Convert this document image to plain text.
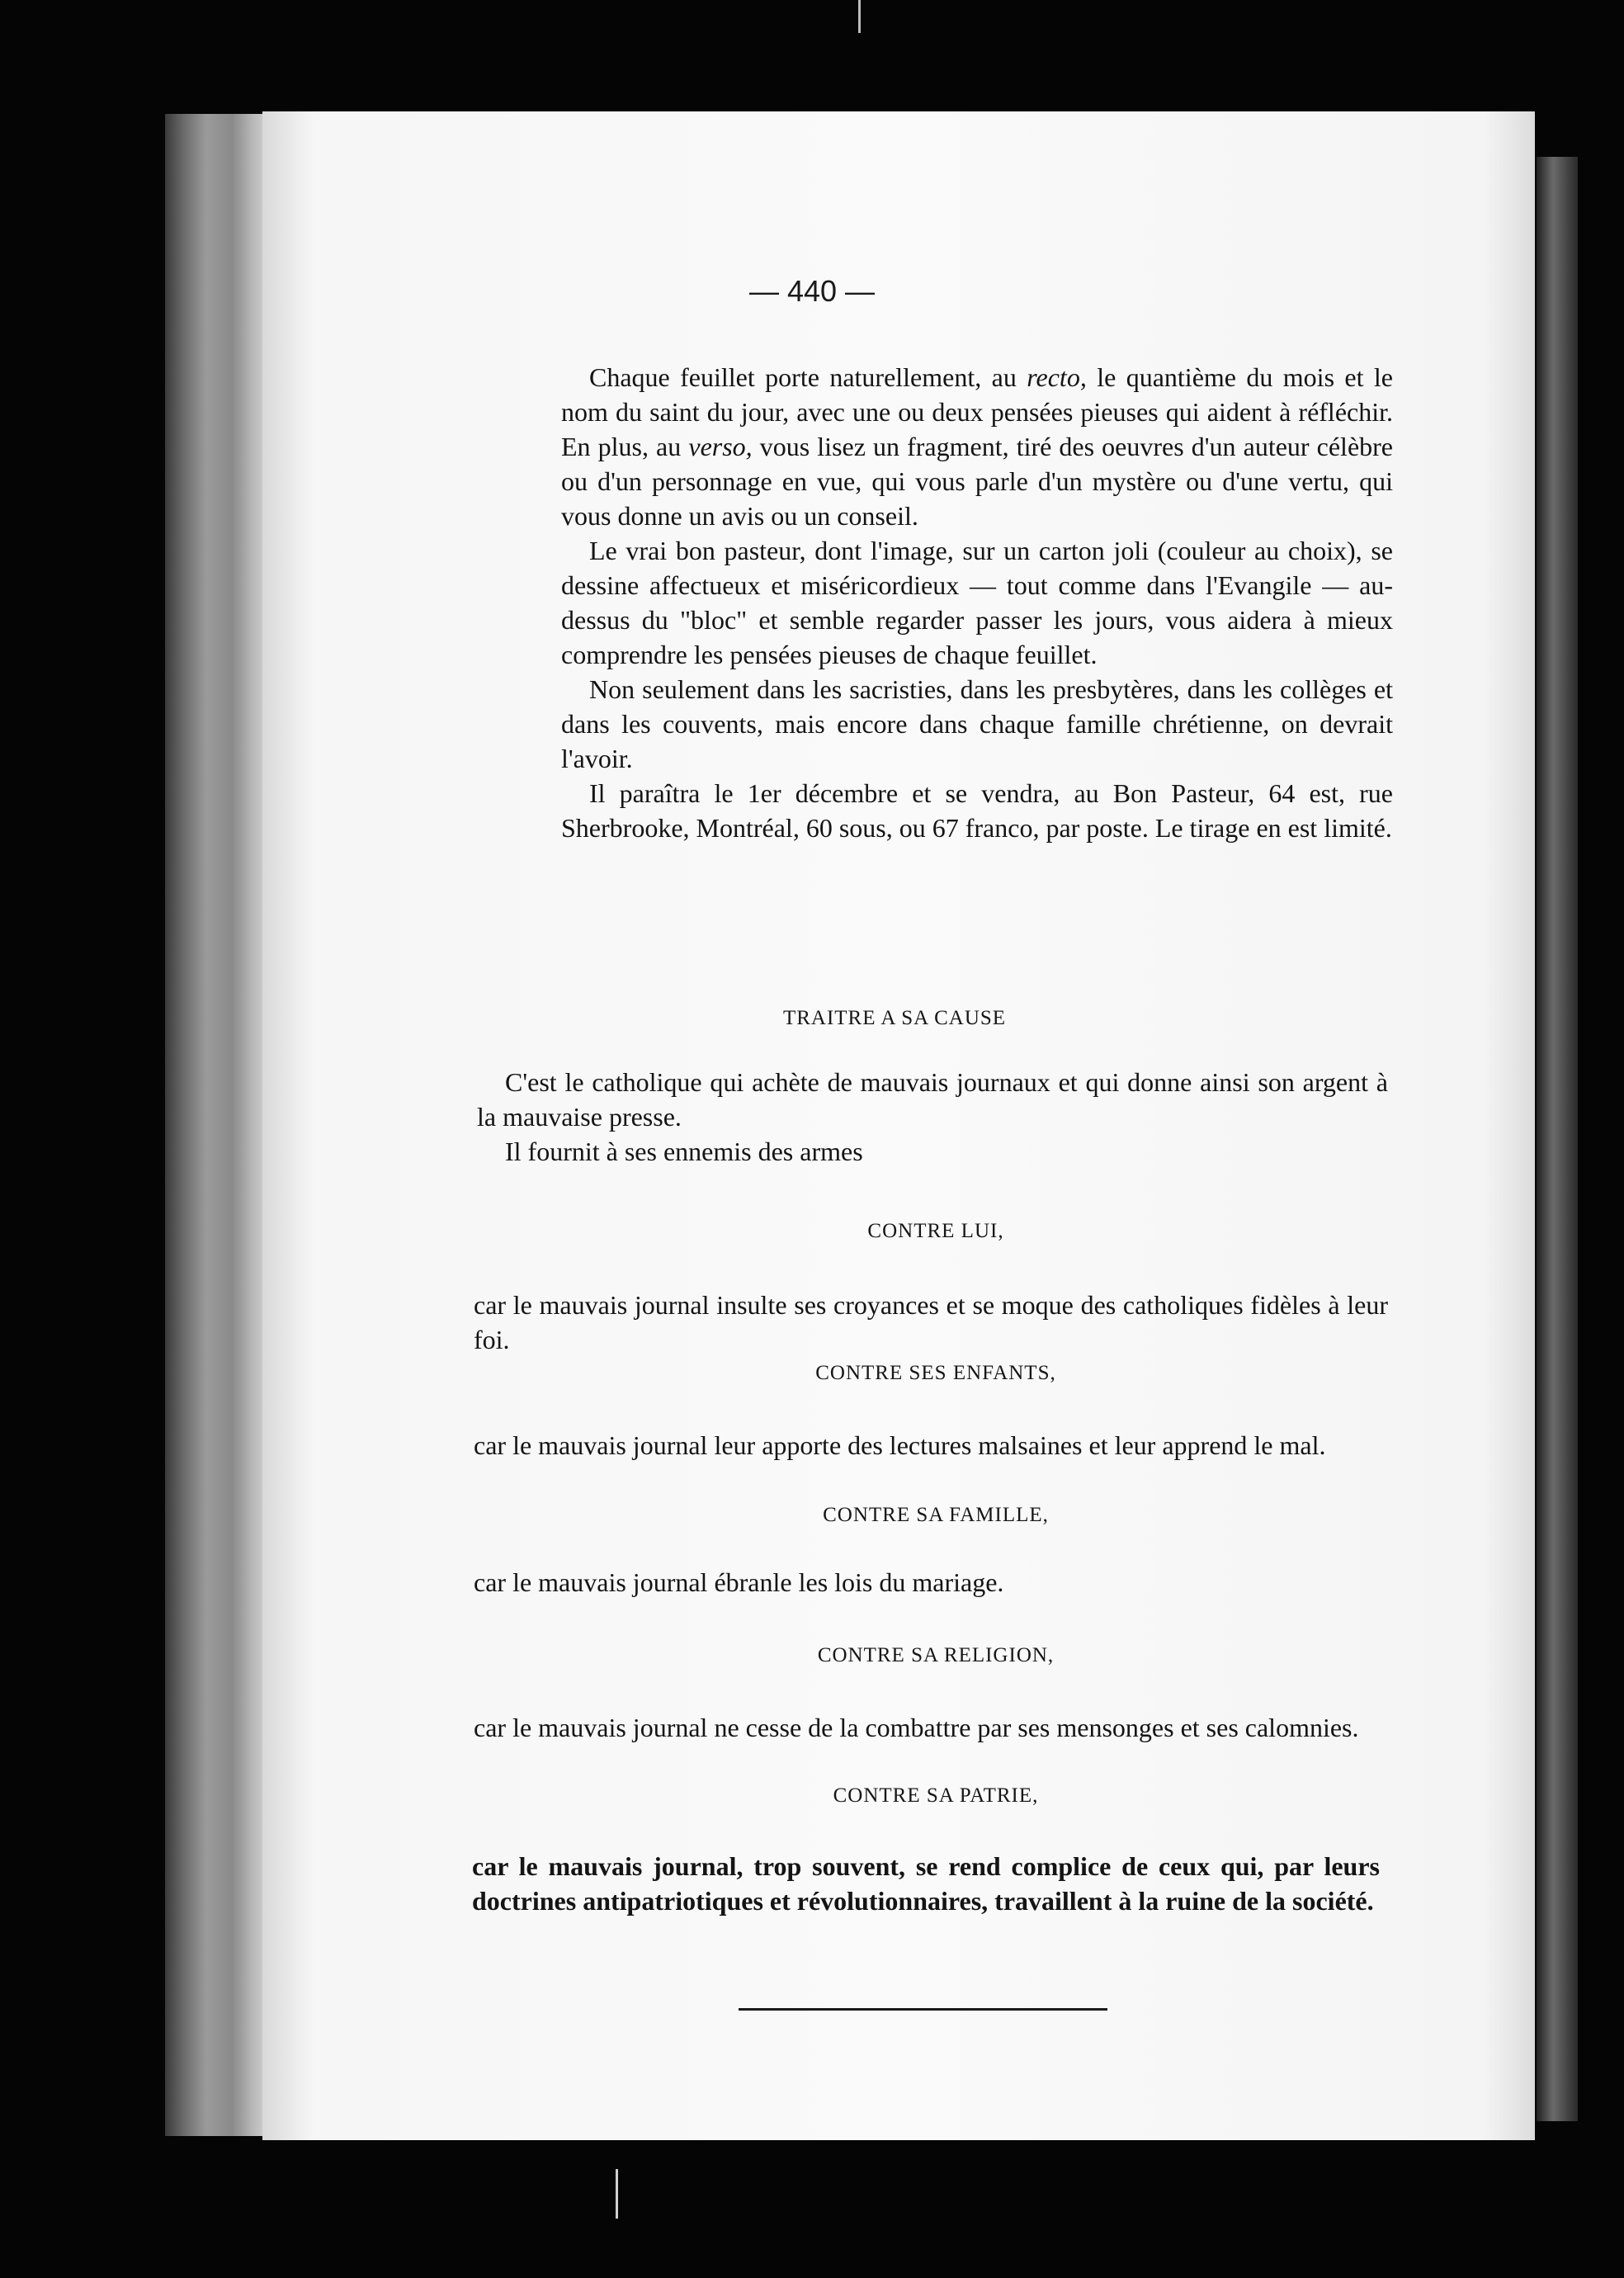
— 440 —

Chaque feuillet porte naturellement, au recto, le quantième du mois et le nom du saint du jour, avec une ou deux pensées pieuses qui aident à réfléchir. En plus, au verso, vous lisez un fragment, tiré des oeuvres d'un auteur célèbre ou d'un personnage en vue, qui vous parle d'un mystère ou d'une vertu, qui vous donne un avis ou un conseil.

Le vrai bon pasteur, dont l'image, sur un carton joli (couleur au choix), se dessine affectueux et miséricordieux — tout comme dans l'Evangile — au-dessus du "bloc" et semble regarder passer les jours, vous aidera à mieux comprendre les pensées pieuses de chaque feuillet.

Non seulement dans les sacristies, dans les presbytères, dans les collèges et dans les couvents, mais encore dans chaque famille chrétienne, on devrait l'avoir.

Il paraîtra le 1er décembre et se vendra, au Bon Pasteur, 64 est, rue Sherbrooke, Montréal, 60 sous, ou 67 franco, par poste. Le tirage en est limité.

TRAITRE A SA CAUSE

C'est le catholique qui achète de mauvais journaux et qui donne ainsi son argent à la mauvaise presse.

Il fournit à ses ennemis des armes

CONTRE LUI,

car le mauvais journal insulte ses croyances et se moque des catholiques fidèles à leur foi.

CONTRE SES ENFANTS,

car le mauvais journal leur apporte des lectures malsaines et leur apprend le mal.

CONTRE SA FAMILLE,

car le mauvais journal ébranle les lois du mariage.

CONTRE SA RELIGION,

car le mauvais journal ne cesse de la combattre par ses mensonges et ses calomnies.

CONTRE SA PATRIE,

car le mauvais journal, trop souvent, se rend complice de ceux qui, par leurs doctrines antipatriotiques et révolutionnaires, travaillent à la ruine de la société.
